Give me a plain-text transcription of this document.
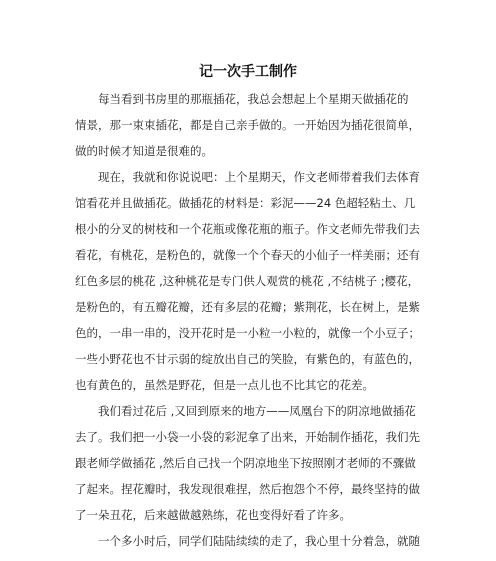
记一次手工制作
每当看到书房里的那瓶插花，我总会想起上个星期天做插花的
情景，那一束束插花，都是自己亲手做的。一开始因为插花很简单，
做的时候才知道是很难的。
现在，我就和你说说吧：上个星期天，作文老师带着我们去体育
馆看花并且做插花。做插花的材料是：彩泥——24 色超轻粘土、几
根小的分叉的树枝和一个花瓶或像花瓶的瓶子。作文老师先带我们去
看花，有桃花，是粉色的，就像一个个春天的小仙子一样美丽；还有
红色多层的桃花 ,这种桃花是专门供人观赏的桃花 ,不结桃子 ;樱花，
是粉色的，有五瓣花瓣，还有多层的花瓣；紫荆花，长在树上，是紫
色的，一串一串的，没开花时是一小粒一小粒的，就像一个小豆子；
一些小野花也不甘示弱的绽放出自己的笑脸，有紫色的，有蓝色的，
也有黄色的，虽然是野花，但是一点儿也不比其它的花差。
我们看过花后 ,又回到原来的地方——凤凰台下的阴凉地做插花
去了。我们把一小袋一小袋的彩泥拿了出来，开始制作插花，我们先
跟老师学做插花 ,然后自己找一个阴凉地坐下按照刚才老师的不骤做
了起来。捏花瓣时，我发现很难捏，然后抱怨个不停，最终坚持的做
了一朵丑花，后来越做越熟练，花也变得好看了许多。
一个多小时后，同学们陆陆续续的走了，我心里十分着急，就随
